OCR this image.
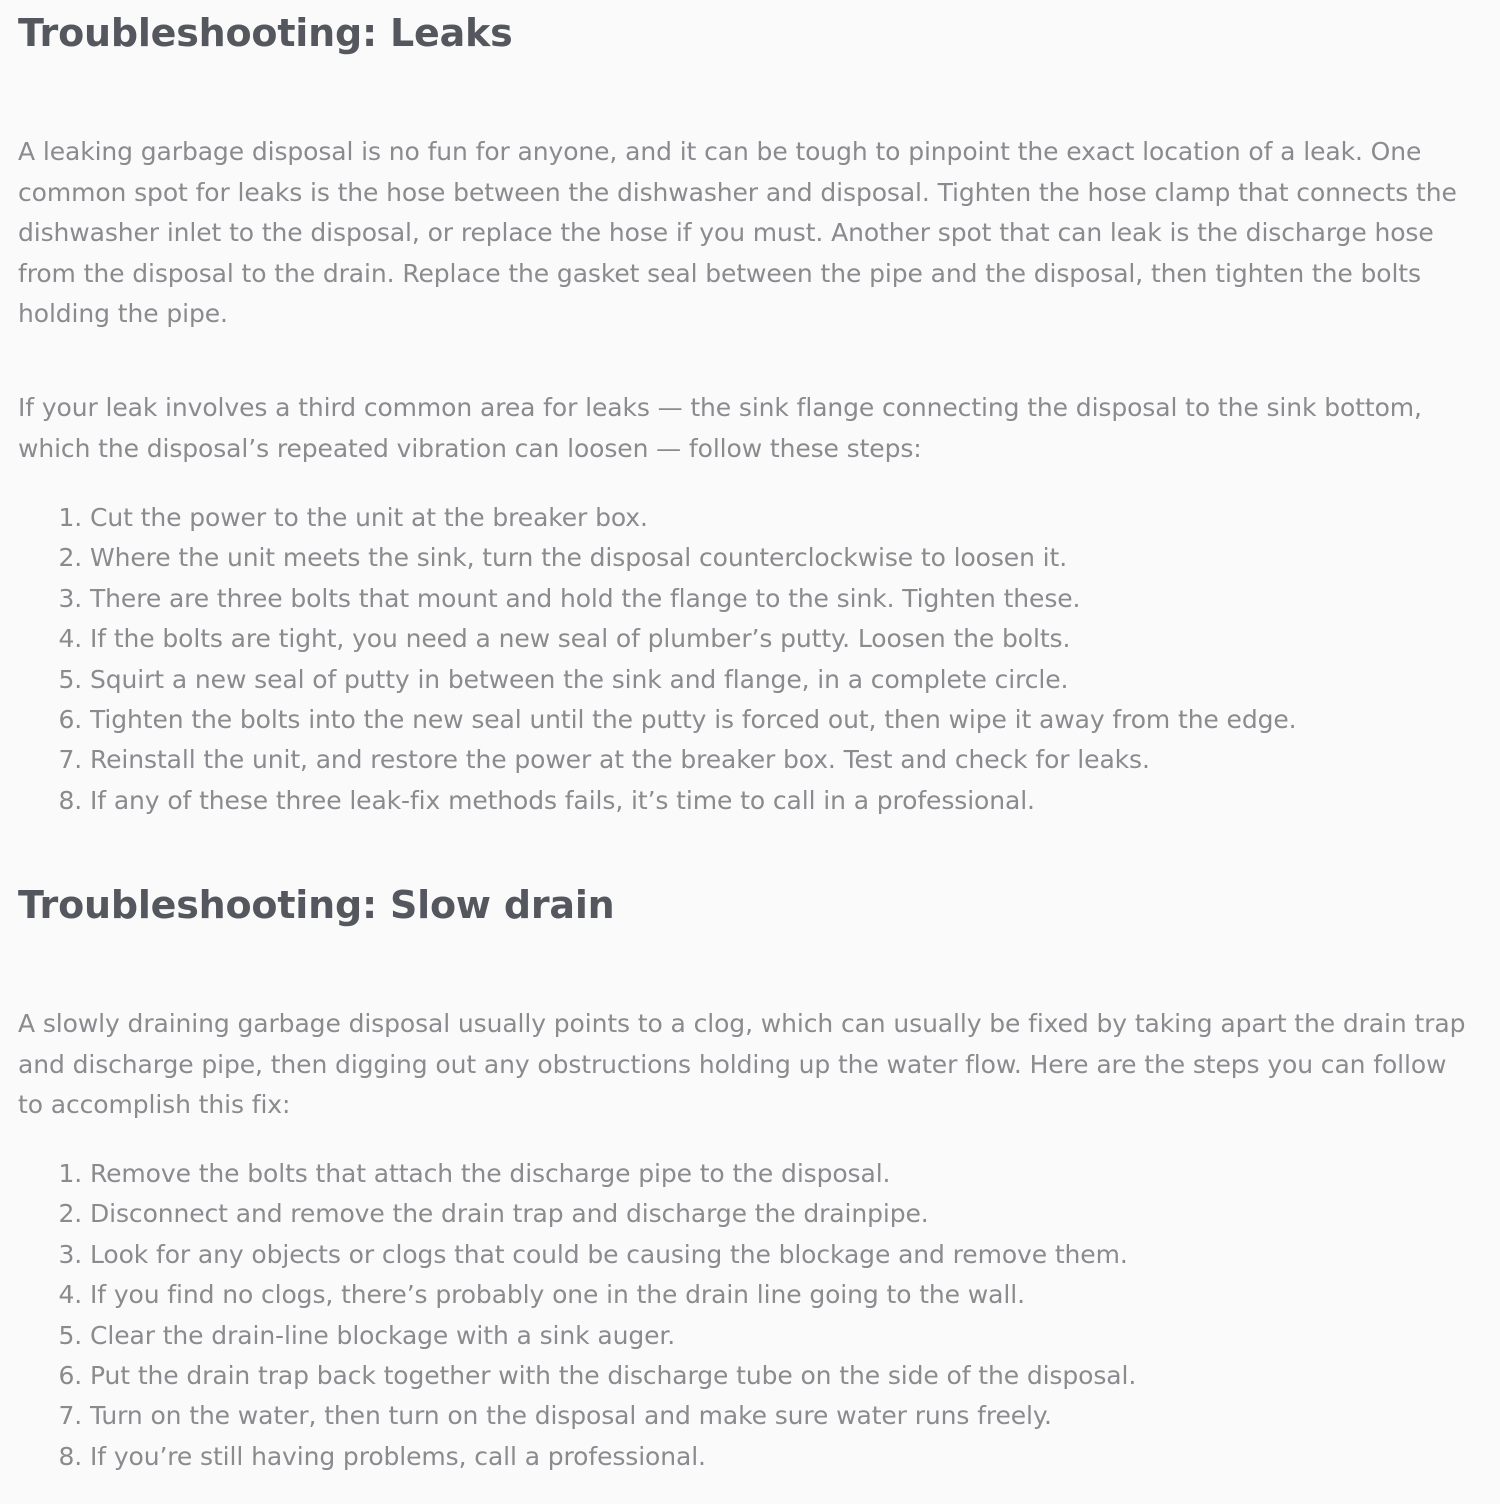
Troubleshooting: Leaks

A leaking garbage disposal is no fun for anyone, and it can be tough to pinpoint the exact location of a leak. One common spot for leaks is the hose between the dishwasher and disposal. Tighten the hose clamp that connects the dishwasher inlet to the disposal, or replace the hose if you must. Another spot that can leak is the discharge hose from the disposal to the drain. Replace the gasket seal between the pipe and the disposal, then tighten the bolts holding the pipe.

If your leak involves a third common area for leaks — the sink flange connecting the disposal to the sink bottom, which the disposal’s repeated vibration can loosen — follow these steps:

1. Cut the power to the unit at the breaker box.
2. Where the unit meets the sink, turn the disposal counterclockwise to loosen it.
3. There are three bolts that mount and hold the flange to the sink. Tighten these.
4. If the bolts are tight, you need a new seal of plumber’s putty. Loosen the bolts.
5. Squirt a new seal of putty in between the sink and flange, in a complete circle.
6. Tighten the bolts into the new seal until the putty is forced out, then wipe it away from the edge.
7. Reinstall the unit, and restore the power at the breaker box. Test and check for leaks.
8. If any of these three leak-fix methods fails, it’s time to call in a professional.
Troubleshooting: Slow drain

A slowly draining garbage disposal usually points to a clog, which can usually be fixed by taking apart the drain trap and discharge pipe, then digging out any obstructions holding up the water flow. Here are the steps you can follow to accomplish this fix:

1. Remove the bolts that attach the discharge pipe to the disposal.
2. Disconnect and remove the drain trap and discharge the drainpipe.
3. Look for any objects or clogs that could be causing the blockage and remove them.
4. If you find no clogs, there’s probably one in the drain line going to the wall.
5. Clear the drain-line blockage with a sink auger.
6. Put the drain trap back together with the discharge tube on the side of the disposal.
7. Turn on the water, then turn on the disposal and make sure water runs freely.
8. If you’re still having problems, call a professional.
